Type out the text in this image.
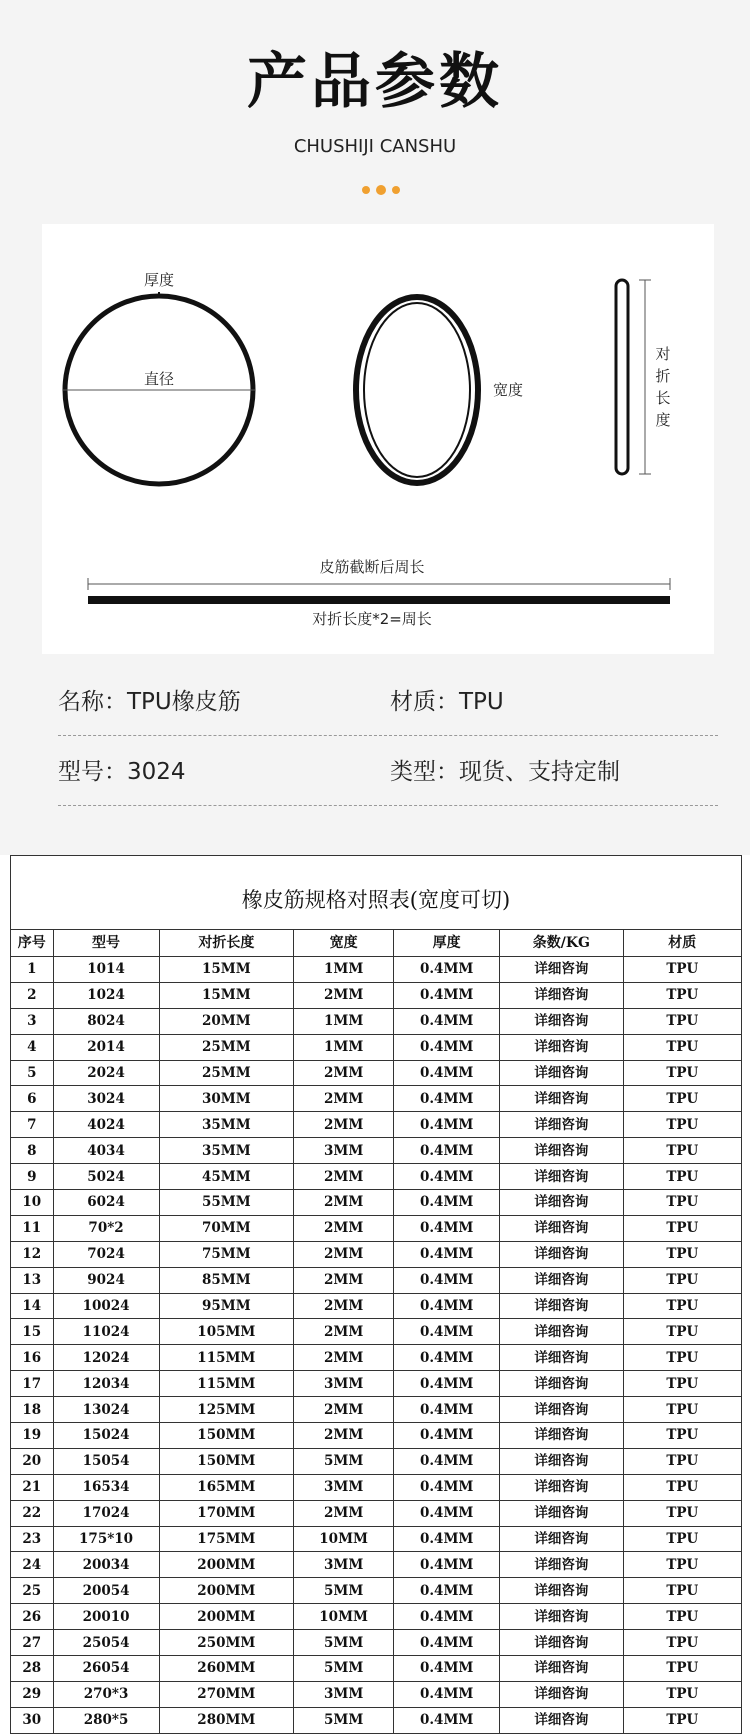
产品参数
CHUSHIJI CANSHU
厚度
直径
宽度
对
折
长
度
皮筋截断后周长
对折长度*2=周长
名称：TPU橡皮筋	材质：TPU
型号：3024	类型：现货、支持定制
橡皮筋规格对照表(宽度可切)						
序号	型号	对折长度	宽度	厚度	条数/KG	材质
1	1014	15MM	1MM	0.4MM	详细咨询	TPU
2	1024	15MM	2MM	0.4MM	详细咨询	TPU
3	8024	20MM	1MM	0.4MM	详细咨询	TPU
4	2014	25MM	1MM	0.4MM	详细咨询	TPU
5	2024	25MM	2MM	0.4MM	详细咨询	TPU
6	3024	30MM	2MM	0.4MM	详细咨询	TPU
7	4024	35MM	2MM	0.4MM	详细咨询	TPU
8	4034	35MM	3MM	0.4MM	详细咨询	TPU
9	5024	45MM	2MM	0.4MM	详细咨询	TPU
10	6024	55MM	2MM	0.4MM	详细咨询	TPU
11	70*2	70MM	2MM	0.4MM	详细咨询	TPU
12	7024	75MM	2MM	0.4MM	详细咨询	TPU
13	9024	85MM	2MM	0.4MM	详细咨询	TPU
14	10024	95MM	2MM	0.4MM	详细咨询	TPU
15	11024	105MM	2MM	0.4MM	详细咨询	TPU
16	12024	115MM	2MM	0.4MM	详细咨询	TPU
17	12034	115MM	3MM	0.4MM	详细咨询	TPU
18	13024	125MM	2MM	0.4MM	详细咨询	TPU
19	15024	150MM	2MM	0.4MM	详细咨询	TPU
20	15054	150MM	5MM	0.4MM	详细咨询	TPU
21	16534	165MM	3MM	0.4MM	详细咨询	TPU
22	17024	170MM	2MM	0.4MM	详细咨询	TPU
23	175*10	175MM	10MM	0.4MM	详细咨询	TPU
24	20034	200MM	3MM	0.4MM	详细咨询	TPU
25	20054	200MM	5MM	0.4MM	详细咨询	TPU
26	20010	200MM	10MM	0.4MM	详细咨询	TPU
27	25054	250MM	5MM	0.4MM	详细咨询	TPU
28	26054	260MM	5MM	0.4MM	详细咨询	TPU
29	270*3	270MM	3MM	0.4MM	详细咨询	TPU
30	280*5	280MM	5MM	0.4MM	详细咨询	TPU
